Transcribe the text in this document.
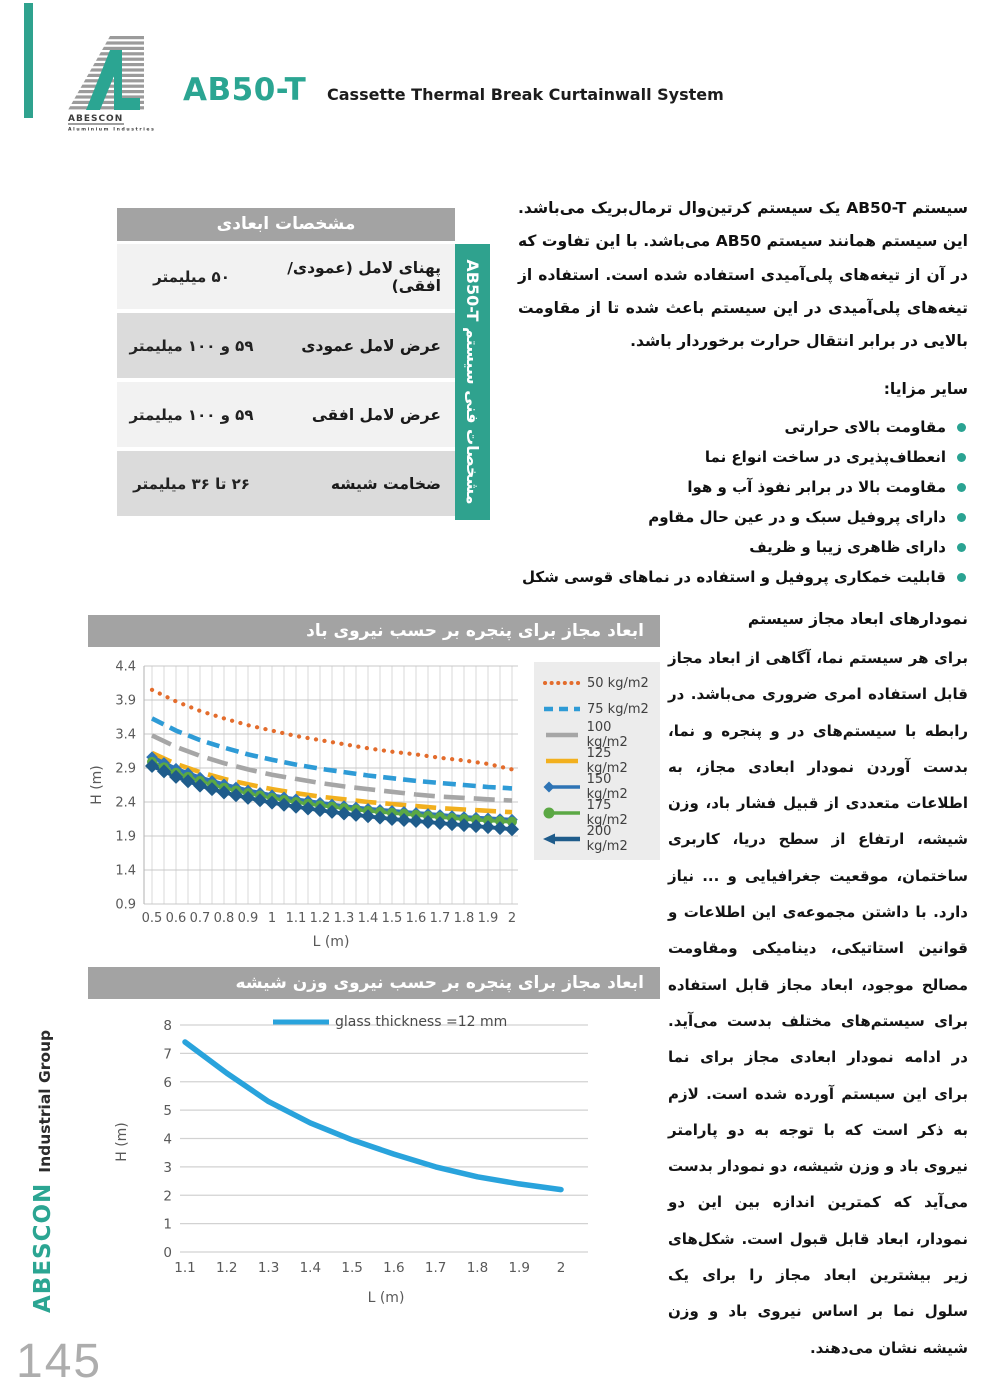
ABESCON
Aluminium Industries
AB50-T Cassette Thermal Break Curtainwall System
سیستم AB50-T یک سیستم کرتین‌وال ترمال‌بریک می‌باشد. این سیستم همانند سیستم AB50 می‌باشد. با این تفاوت که در آن از تیغه‌های پلی‌آمیدی استفاده شده است. استفاده از تیغه‌های پلی‌آمیدی در این سیستم باعث شده تا از مقاومت بالایی در برابر انتقال حرارت برخوردار باشد.
سایر مزایا:
مقاومت بالای حرارتی
انعطاف‌پذیری در ساخت انواع نما
مقاومت بالا در برابر نفوذ آب و هوا
دارای پروفیل سبک و در عین حال مقاوم
دارای ظاهری زیبا و ظریف
قابلیت خمکاری پروفیل و استفاده در نماهای قوسی شکل
مشخصات ابعادی
پهنای لامل (عمودی/ افقی)
۵۰ میلیمتر
عرض لامل عمودی
۵۹ و ۱۰۰ میلیمتر
عرض لامل افقی
۵۹ و ۱۰۰ میلیمتر
ضخامت شیشه
۲۶ تا ۳۶ میلیمتر
مشخصات فنی سیستم AB50-T
نمودارهای ابعاد مجاز سیستم
برای هر سیستم نما، آگاهی از ابعاد مجاز قابل استفاده امری ضروری می‌باشد. در رابطه با سیستم‌های در و پنجره و نما، بدست آوردن نمودار ابعادی مجاز، به اطلاعات متعددی از قبیل فشار باد، وزن شیشه، ارتفاع از سطح دریا، کاربری ساختمان، موقعیت جغرافیایی و ... نیاز دارد. با داشتن مجموعه‌ی این اطلاعات و قوانین استاتیکی، دینامیکی ومقاومت مصالح موجود، ابعاد مجاز قابل استفاده برای سیستم‌های مختلف بدست می‌آید. در ادامه نمودار ابعادی مجاز برای نما برای این سیستم آورده شده است. لازم به ذکر است که با توجه به دو پارامتر نیروی باد و وزن شیشه، دو نمودار بدست می‌آید که کمترین اندازه بین این دو نمودار، ابعاد قابل قبول است. شکل‌های زیر بیشترین ابعاد مجاز را برای یک سلول نما بر اساس نیروی باد و وزن شیشه نشان می‌دهند.
ابعاد مجاز برای پنجره بر حسب نیروی باد
0.5 0.6 0.7 0.8 0.9 1 1.1 1.2 1.3 1.4 1.5 1.6 1.7 1.8 1.9 2
0.9
1.4
1.9
2.4
2.9
3.4
3.9
4.4
L (m)
H (m)
50 kg/m2
75 kg/m2
100 kg/m2
125 kg/m2
150 kg/m2
175 kg/m2
200 kg/m2
ابعاد مجاز برای پنجره بر حسب نیروی وزن شیشه
1.1 1.2 1.3 1.4 1.5 1.6 1.7 1.8 1.9 2
0
1
2
3
4
5
6
7
8
L (m)
H (m)
glass thickness =12 mm
ABESCON
Industrial Group
145
